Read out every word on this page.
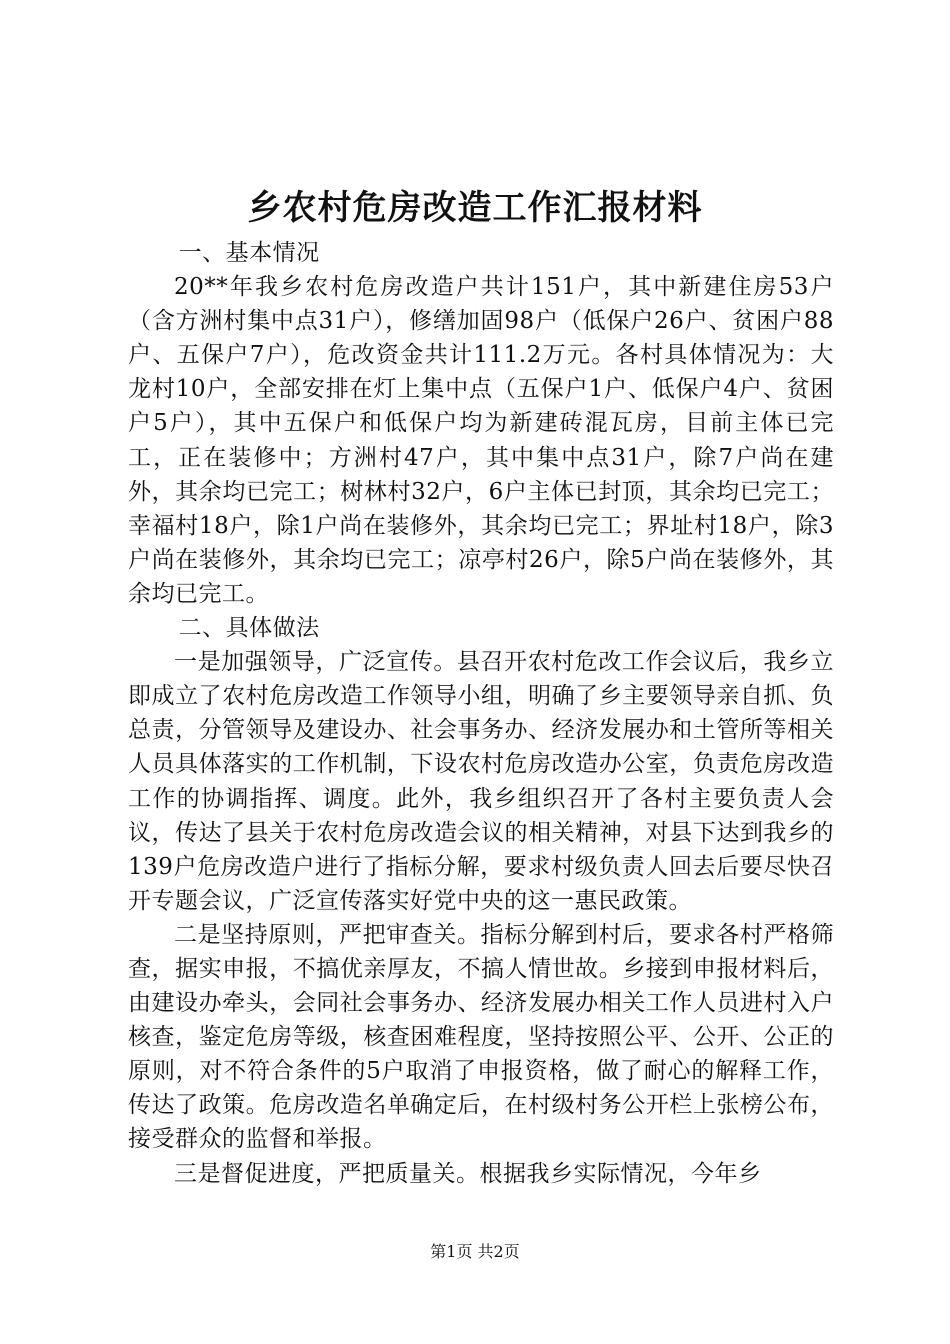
乡农村危房改造工作汇报材料

一、基本情况

20**年我乡农村危房改造户共计151户，其中新建住房53户（含方洲村集中点31户），修缮加固98户（低保户26户、贫困户88户、五保户7户），危改资金共计111.2万元。各村具体情况为：大龙村10户，全部安排在灯上集中点（五保户1户、低保户4户、贫困户5户），其中五保户和低保户均为新建砖混瓦房，目前主体已完工，正在装修中；方洲村47户，其中集中点31户，除7户尚在建外，其余均已完工；树林村32户，6户主体已封顶，其余均已完工；幸福村18户，除1户尚在装修外，其余均已完工；界址村18户，除3户尚在装修外，其余均已完工；凉亭村26户，除5户尚在装修外，其余均已完工。

二、具体做法

一是加强领导，广泛宣传。县召开农村危改工作会议后，我乡立即成立了农村危房改造工作领导小组，明确了乡主要领导亲自抓、负总责，分管领导及建设办、社会事务办、经济发展办和土管所等相关人员具体落实的工作机制，下设农村危房改造办公室，负责危房改造工作的协调指挥、调度。此外，我乡组织召开了各村主要负责人会议，传达了县关于农村危房改造会议的相关精神，对县下达到我乡的139户危房改造户进行了指标分解，要求村级负责人回去后要尽快召开专题会议，广泛宣传落实好党中央的这一惠民政策。

二是坚持原则，严把审查关。指标分解到村后，要求各村严格筛查，据实申报，不搞优亲厚友，不搞人情世故。乡接到申报材料后，由建设办牵头，会同社会事务办、经济发展办相关工作人员进村入户核查，鉴定危房等级，核查困难程度，坚持按照公平、公开、公正的原则，对不符合条件的5户取消了申报资格，做了耐心的解释工作，传达了政策。危房改造名单确定后，在村级村务公开栏上张榜公布，接受群众的监督和举报。

三是督促进度，严把质量关。根据我乡实际情况，今年乡

第1页 共2页
